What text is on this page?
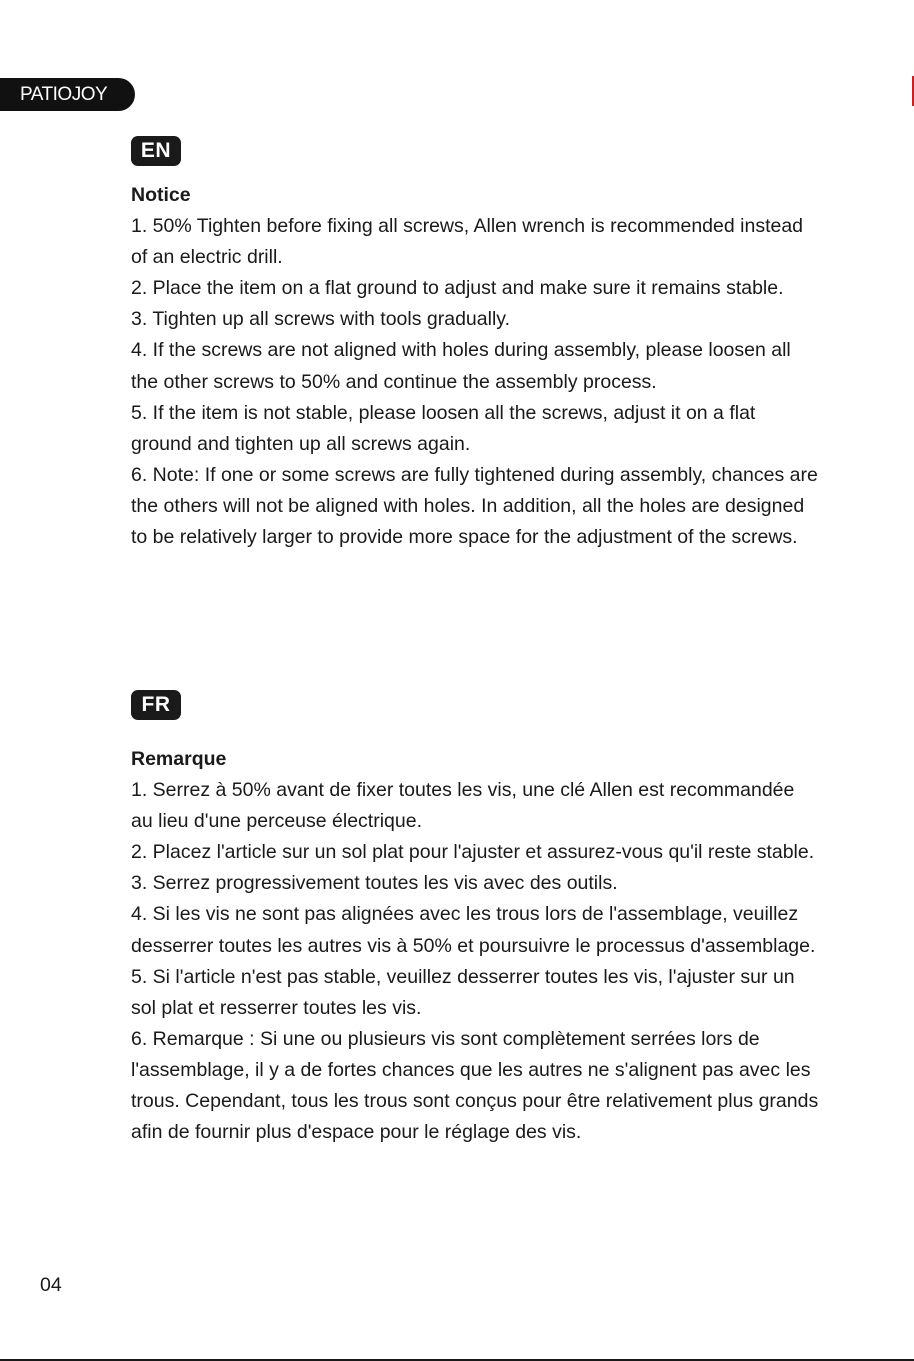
PATIOJOY
EN
Notice

1. 50% Tighten before fixing all screws, Allen wrench is recommended instead of an electric drill.

2. Place the item on a flat ground to adjust and make sure it remains stable.

3. Tighten up all screws with tools gradually.

4. If the screws are not aligned with holes during assembly, please loosen all the other screws to 50% and continue the assembly process.

5. If the item is not stable, please loosen all the screws, adjust it on a flat ground and tighten up all screws again.

6. Note: If one or some screws are fully tightened during assembly, chances are the others will not be aligned with holes. In addition, all the holes are designed to be relatively larger to provide more space for the adjustment of the screws.

FR
Remarque

1. Serrez à 50% avant de fixer toutes les vis, une clé Allen est recommandée au lieu d'une perceuse électrique.

2. Placez l'article sur un sol plat pour l'ajuster et assurez-vous qu'il reste stable.

3. Serrez progressivement toutes les vis avec des outils.

4. Si les vis ne sont pas alignées avec les trous lors de l'assemblage, veuillez desserrer toutes les autres vis à 50% et poursuivre le processus d'assemblage.

5. Si l'article n'est pas stable, veuillez desserrer toutes les vis, l'ajuster sur un sol plat et resserrer toutes les vis.

6. Remarque : Si une ou plusieurs vis sont complètement serrées lors de l'assemblage, il y a de fortes chances que les autres ne s'alignent pas avec les trous. Cependant, tous les trous sont conçus pour être relativement plus grands afin de fournir plus d'espace pour le réglage des vis.

04
